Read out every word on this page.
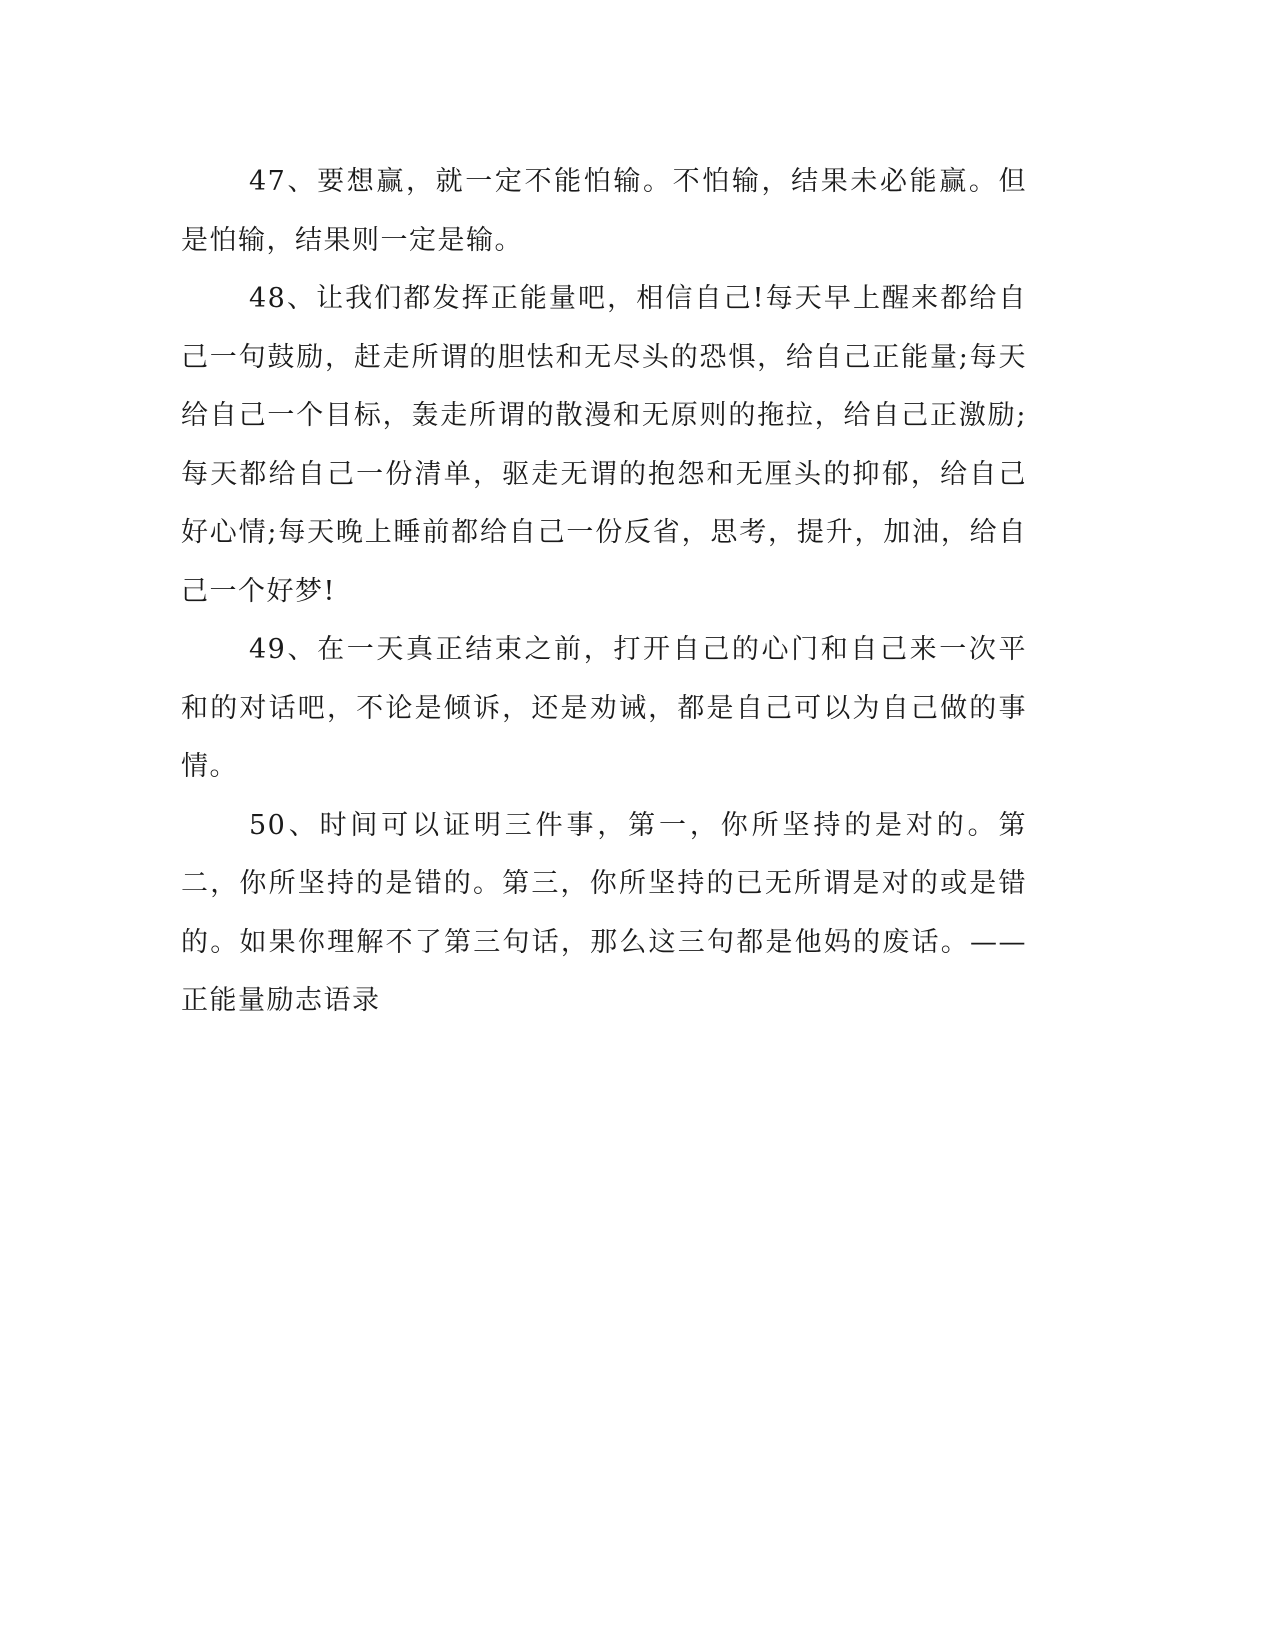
47、要想赢，就一定不能怕输。不怕输，结果未必能赢。但是怕输，结果则一定是输。

48、让我们都发挥正能量吧，相信自己!每天早上醒来都给自己一句鼓励，赶走所谓的胆怯和无尽头的恐惧，给自己正能量;每天给自己一个目标，轰走所谓的散漫和无原则的拖拉，给自己正激励;每天都给自己一份清单，驱走无谓的抱怨和无厘头的抑郁，给自己好心情;每天晚上睡前都给自己一份反省，思考，提升，加油，给自己一个好梦!

49、在一天真正结束之前，打开自己的心门和自己来一次平和的对话吧，不论是倾诉，还是劝诫，都是自己可以为自己做的事情。

50、时间可以证明三件事，第一，你所坚持的是对的。第二，你所坚持的是错的。第三，你所坚持的已无所谓是对的或是错的。如果你理解不了第三句话，那么这三句都是他妈的废话。——正能量励志语录
